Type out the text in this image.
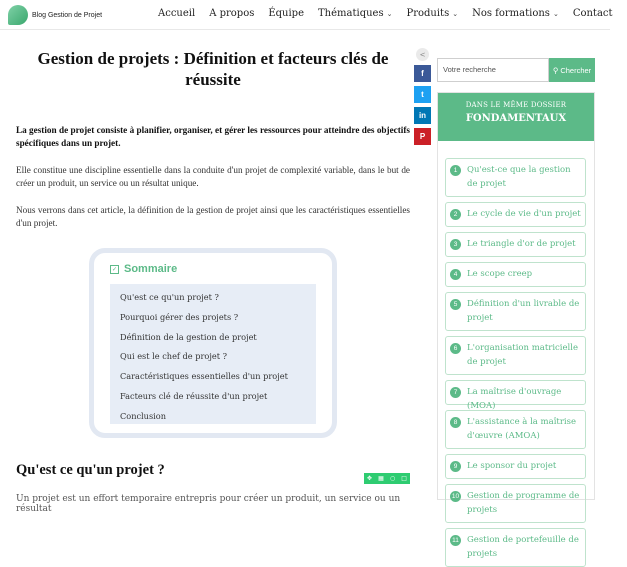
Blog Gestion de Projet	Accueil A propos Équipe Thématiques ⌄ Produits ⌄ Nos formations ⌄ Contact
Gestion de projets : Définition et facteurs clés de réussite

La gestion de projet consiste à planifier, organiser, et gérer les ressources pour atteindre des objectifs spécifiques dans un projet.

Elle constitue une discipline essentielle dans la conduite d'un projet de complexité variable, dans le but de créer un produit, un service ou un résultat unique.

Nous verrons dans cet article, la définition de la gestion de projet ainsi que les caractéristiques essentielles d'un projet.

<
f
t
in
P
✓ Sommaire
Qu'est ce qu'un projet ?
Pourquoi gérer des projets ?
Définition de la gestion de projet
Qui est le chef de projet ?
Caractéristiques essentielles d'un projet
Facteurs clé de réussite d'un projet
Conclusion
Qu'est ce qu'un projet ?
✥ ▦ ○ □
Un projet est un effort temporaire entrepris pour créer un produit, un service ou un résultat
Votre recherche	⚲ Chercher
DANS LE MÊME DOSSIER
FONDAMENTAUX
1	Qu'est-ce que la gestion de projet
2	Le cycle de vie d'un projet
3	Le triangle d'or de projet
4	Le scope creep
5	Définition d'un livrable de projet
6	L'organisation matricielle de projet
7	La maîtrise d'ouvrage (MOA)
8	L'assistance à la maîtrise d'œuvre (AMOA)
9	Le sponsor du projet
10 Gestion de programme de projets
11 Gestion de portefeuille de projets
